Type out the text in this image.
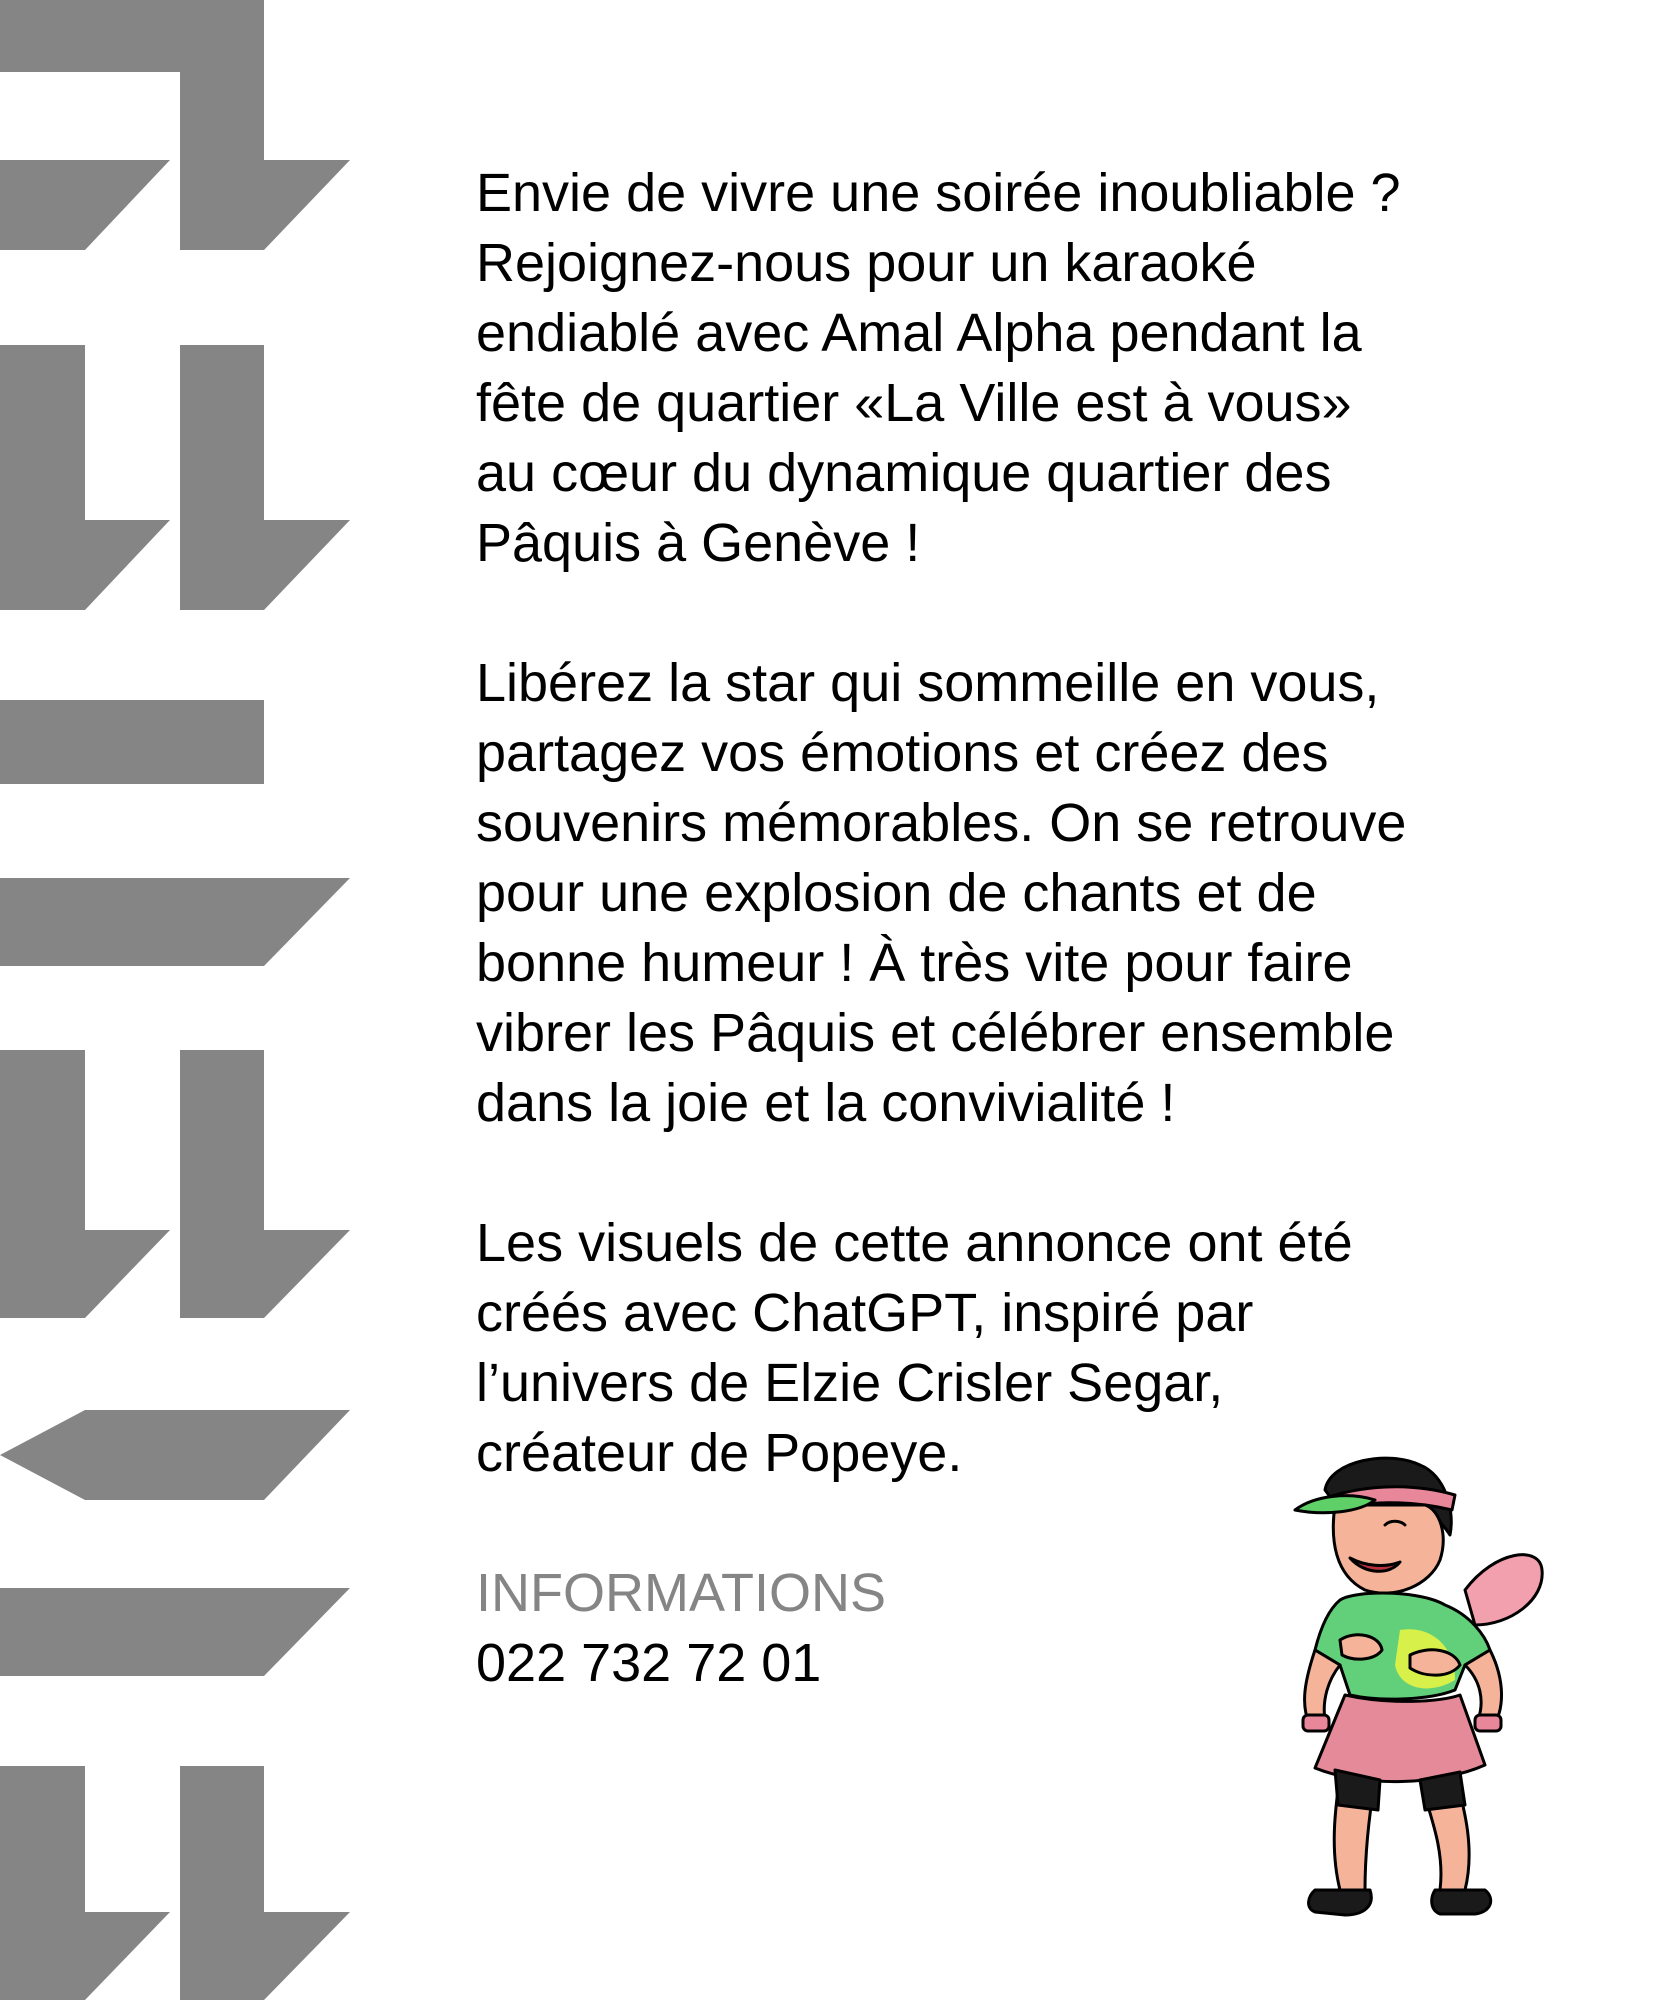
Envie de vivre une soirée inoubliable ?
Rejoignez-nous pour un karaoké
endiablé avec Amal Alpha pendant la
fête de quartier «La Ville est à vous»
au cœur du dynamique quartier des
Pâquis à Genève !
Libérez la star qui sommeille en vous,
partagez vos émotions et créez des
souvenirs mémorables. On se retrouve
pour une explosion de chants et de
bonne humeur ! À très vite pour faire
vibrer les Pâquis et célébrer ensemble
dans la joie et la convivialité !
Les visuels de cette annonce ont été
créés avec ChatGPT, inspiré par
l’univers de Elzie Crisler Segar,
créateur de Popeye.
INFORMATIONS
022 732 72 01
